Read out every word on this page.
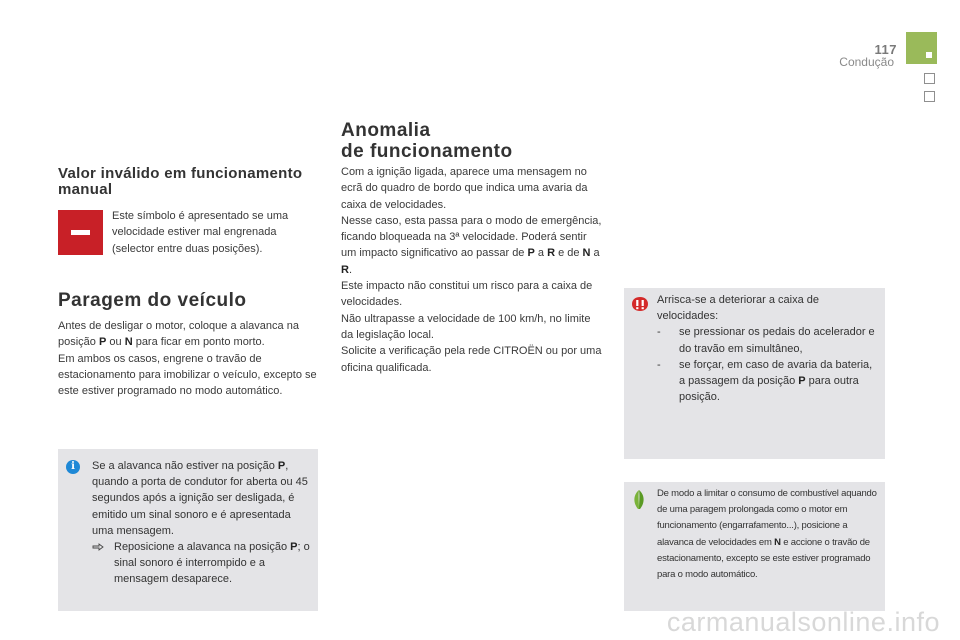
117
Condução
Valor inválido em funcionamento manual
Este símbolo é apresentado se uma velocidade estiver mal engrenada (selector entre duas posições).
Paragem do veículo
Antes de desligar o motor, coloque a alavanca na posição P ou N para ficar em ponto morto.
Em ambos os casos, engrene o travão de estacionamento para imobilizar o veículo, excepto se este estiver programado no modo automático.
i	Se a alavanca não estiver na posição P, quando a porta de condutor for aberta ou 45 segundos após a ignição ser desligada, é emitido um sinal sonoro e é apresentada uma mensagem.
Reposicione a alavanca na posição P; o sinal sonoro é interrompido e a mensagem desaparece.
Anomalia
de funcionamento
Com a ignição ligada, aparece uma mensagem no ecrã do quadro de bordo que indica uma avaria da caixa de velocidades.
Nesse caso, esta passa para o modo de emergência, ficando bloqueada na 3ª velocidade. Poderá sentir um impacto significativo ao passar de P a R e de N a R.
Este impacto não constitui um risco para a caixa de velocidades.
Não ultrapasse a velocidade de 100 km/h, no limite da legislação local.
Solicite a verificação pela rede CITROËN ou por uma oficina qualificada.
Arrisca-se a deteriorar a caixa de velocidades:
-	se pressionar os pedais do acelerador e do travão em simultâneo,
-	se forçar, em caso de avaria da bateria, a passagem da posição P para outra posição.
De modo a limitar o consumo de combustível aquando de uma paragem prolongada como o motor em funcionamento (engarrafamento...), posicione a alavanca de velocidades em N e accione o travão de estacionamento, excepto se este estiver programado para o modo automático.
carmanualsonline.info
